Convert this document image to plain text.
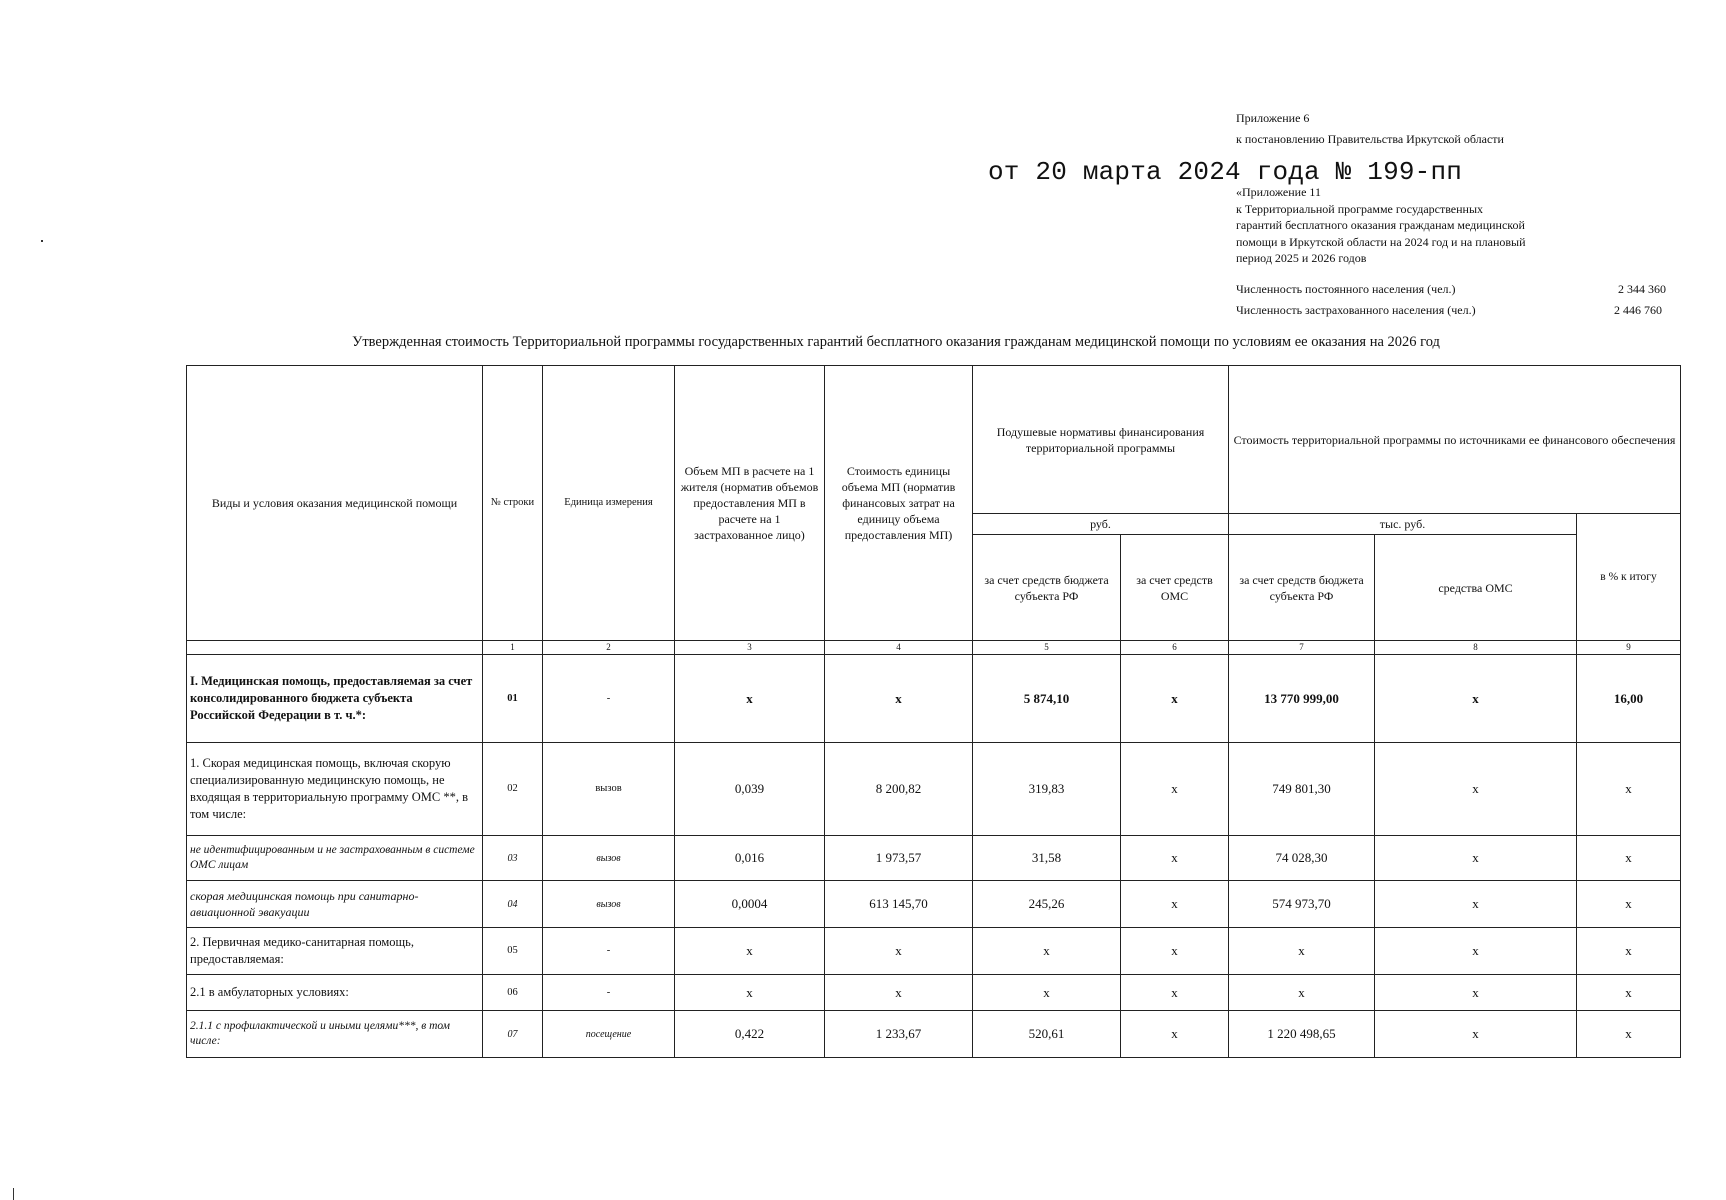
Приложение 6
к постановлению Правительства Иркутской области
от 20 марта 2024 года № 199-пп
«Приложение 11
к Территориальной программе государственных
гарантий бесплатного оказания гражданам медицинской
помощи в Иркутской области на 2024 год и на плановый
период 2025 и 2026 годов
Численность постоянного населения (чел.)	2 344 360
Численность застрахованного населения (чел.)	2 446 760
Утвержденная стоимость Территориальной программы государственных гарантий бесплатного оказания гражданам медицинской помощи по условиям ее оказания на 2026 год
Виды и условия оказания медицинской помощи	№ строки	Единица измерения	Объем МП в расчете на 1 жителя (норматив объемов предоставления МП в расчете на 1 застрахованное лицо)	Стоимость единицы объема МП (норматив финансовых затрат на единицу объема предоставления МП)	Подушевые нормативы финансирования территориальной программы		Стоимость территориальной программы по источниками ее финансового обеспечения		
					руб.		тыс. руб.		в % к итогу
					за счет средств бюджета субъекта РФ	за счет средств ОМС	за счет средств бюджета субъекта РФ	средства ОМС	
	1	2	3	4	5	6	7	8	9
I. Медицинская помощь, предоставляемая за счет консолидированного бюджета субъекта Российской Федерации в т. ч.*:	01	-	x	x	5 874,10	x	13 770 999,00	x	16,00
1. Скорая медицинская помощь, включая скорую специализированную медицинскую помощь, не входящая в территориальную программу ОМС **, в том числе:	02	вызов	0,039	8 200,82	319,83	x	749 801,30	x	x
не идентифицированным и не застрахованным в системе ОМС лицам	03	вызов	0,016	1 973,57	31,58	x	74 028,30	x	x
скорая медицинская помощь при санитарно-авиационной эвакуации	04	вызов	0,0004	613 145,70	245,26	x	574 973,70	x	x
2. Первичная медико-санитарная помощь, предоставляемая:	05	-	x	x	x	x	x	x	x
2.1 в амбулаторных условиях:	06	-	x	x	x	x	x	x	x
2.1.1 с профилактической и иными целями***, в том числе:	07	посещение	0,422	1 233,67	520,61	x	1 220 498,65	x	x
